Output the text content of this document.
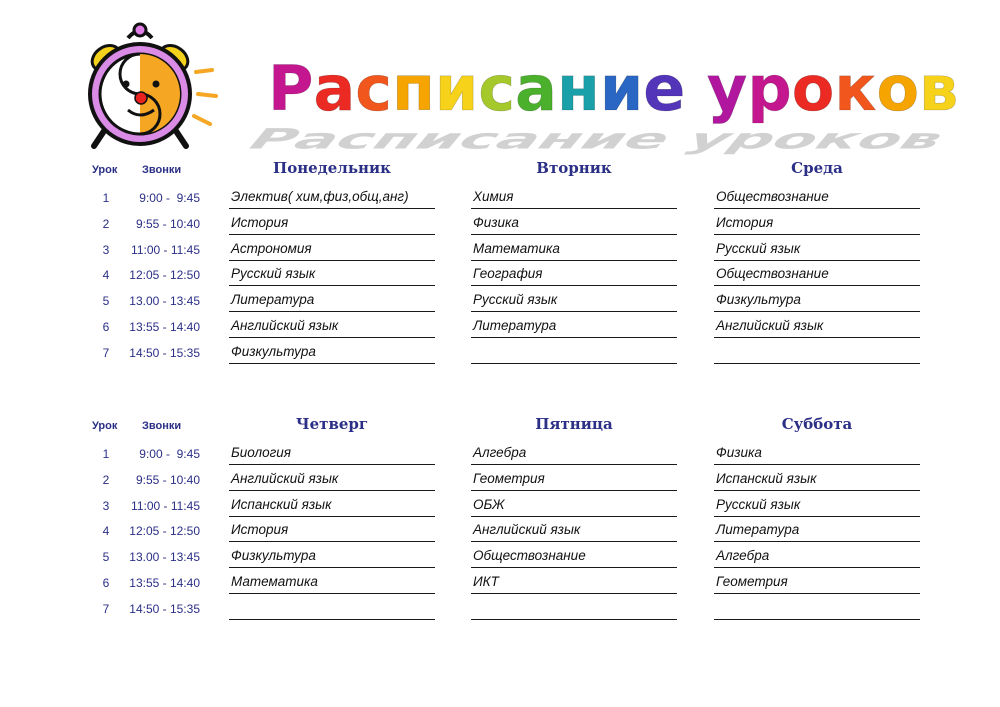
Расписание уроков
Расписание уроков
Урок Звонки	Понедельник	Вторник	Среда
1	9:00 -  9:45 Электив( хим,физ,общ,анг)	Химия	Обществознание
2	9:55 - 10:40 История	Физика	История
3	11:00 - 11:45 Астрономия	Математика	Русский язык
4 12:05 - 12:50 Русский язык	География	Обществознание
5 13.00 - 13:45 Литература	Русский язык	Физкультура
6 13:55 - 14:40 Английский язык	Литература	Английский язык
7 14:50 - 15:35 Физкультура
Урок Звонки	Четверг	Пятница	Суббота
1	9:00 -  9:45 Биология	Алгебра	Физика
2	9:55 - 10:40 Английский язык	Геометрия	Испанский язык
3	11:00 - 11:45 Испанский язык	ОБЖ	Русский язык
4 12:05 - 12:50 История	Английский язык	Литература
5 13.00 - 13:45 Физкультура	Обществознание	Алгебра
6 13:55 - 14:40 Математика	ИКТ	Геометрия
7 14:50 - 15:35
